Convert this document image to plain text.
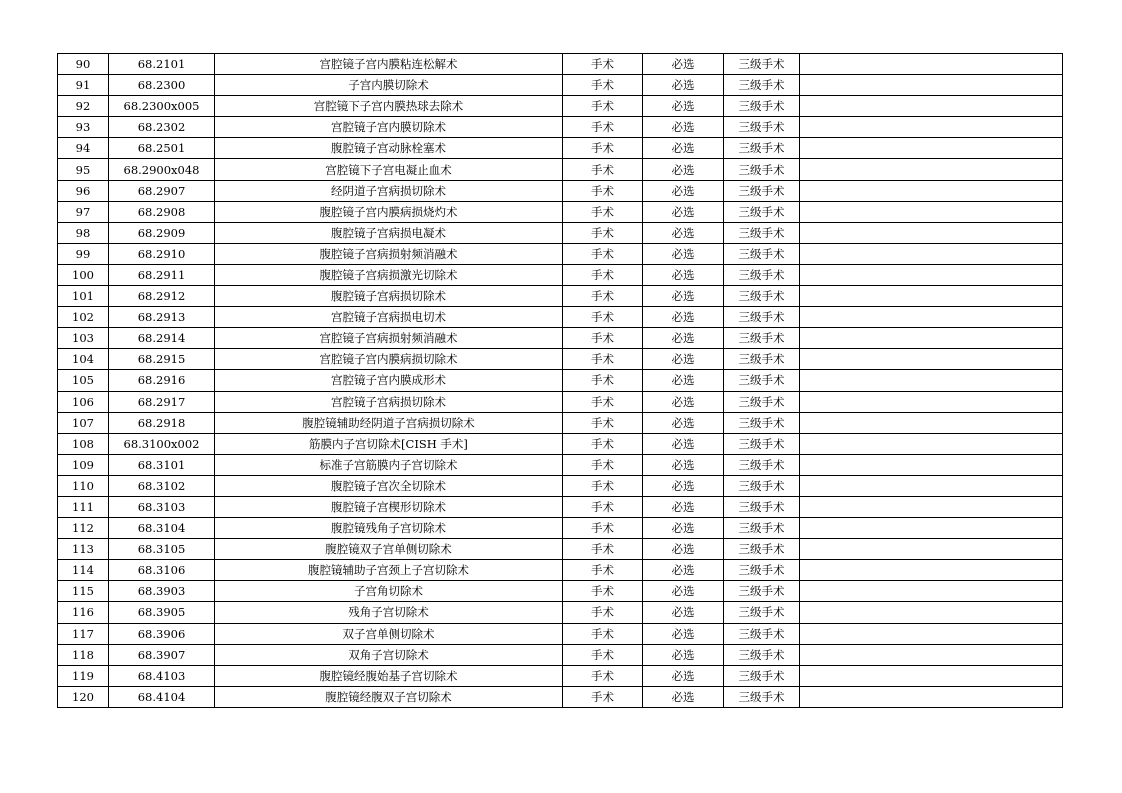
90	68.2101	宫腔镜子宫内膜粘连松解术	手术	必选	三级手术	
91	68.2300	子宫内膜切除术	手术	必选	三级手术	
92	68.2300x005	宫腔镜下子宫内膜热球去除术	手术	必选	三级手术	
93	68.2302	宫腔镜子宫内膜切除术	手术	必选	三级手术	
94	68.2501	腹腔镜子宫动脉栓塞术	手术	必选	三级手术	
95	68.2900x048	宫腔镜下子宫电凝止血术	手术	必选	三级手术	
96	68.2907	经阴道子宫病损切除术	手术	必选	三级手术	
97	68.2908	腹腔镜子宫内膜病损烧灼术	手术	必选	三级手术	
98	68.2909	腹腔镜子宫病损电凝术	手术	必选	三级手术	
99	68.2910	腹腔镜子宫病损射频消融术	手术	必选	三级手术	
100	68.2911	腹腔镜子宫病损激光切除术	手术	必选	三级手术	
101	68.2912	腹腔镜子宫病损切除术	手术	必选	三级手术	
102	68.2913	宫腔镜子宫病损电切术	手术	必选	三级手术	
103	68.2914	宫腔镜子宫病损射频消融术	手术	必选	三级手术	
104	68.2915	宫腔镜子宫内膜病损切除术	手术	必选	三级手术	
105	68.2916	宫腔镜子宫内膜成形术	手术	必选	三级手术	
106	68.2917	宫腔镜子宫病损切除术	手术	必选	三级手术	
107	68.2918	腹腔镜辅助经阴道子宫病损切除术	手术	必选	三级手术	
108	68.3100x002	筋膜内子宫切除术[CISH 手术]	手术	必选	三级手术	
109	68.3101	标准子宫筋膜内子宫切除术	手术	必选	三级手术	
110	68.3102	腹腔镜子宫次全切除术	手术	必选	三级手术	
111	68.3103	腹腔镜子宫楔形切除术	手术	必选	三级手术	
112	68.3104	腹腔镜残角子宫切除术	手术	必选	三级手术	
113	68.3105	腹腔镜双子宫单侧切除术	手术	必选	三级手术	
114	68.3106	腹腔镜辅助子宫颈上子宫切除术	手术	必选	三级手术	
115	68.3903	子宫角切除术	手术	必选	三级手术	
116	68.3905	残角子宫切除术	手术	必选	三级手术	
117	68.3906	双子宫单侧切除术	手术	必选	三级手术	
118	68.3907	双角子宫切除术	手术	必选	三级手术	
119	68.4103	腹腔镜经腹始基子宫切除术	手术	必选	三级手术	
120	68.4104	腹腔镜经腹双子宫切除术	手术	必选	三级手术	
